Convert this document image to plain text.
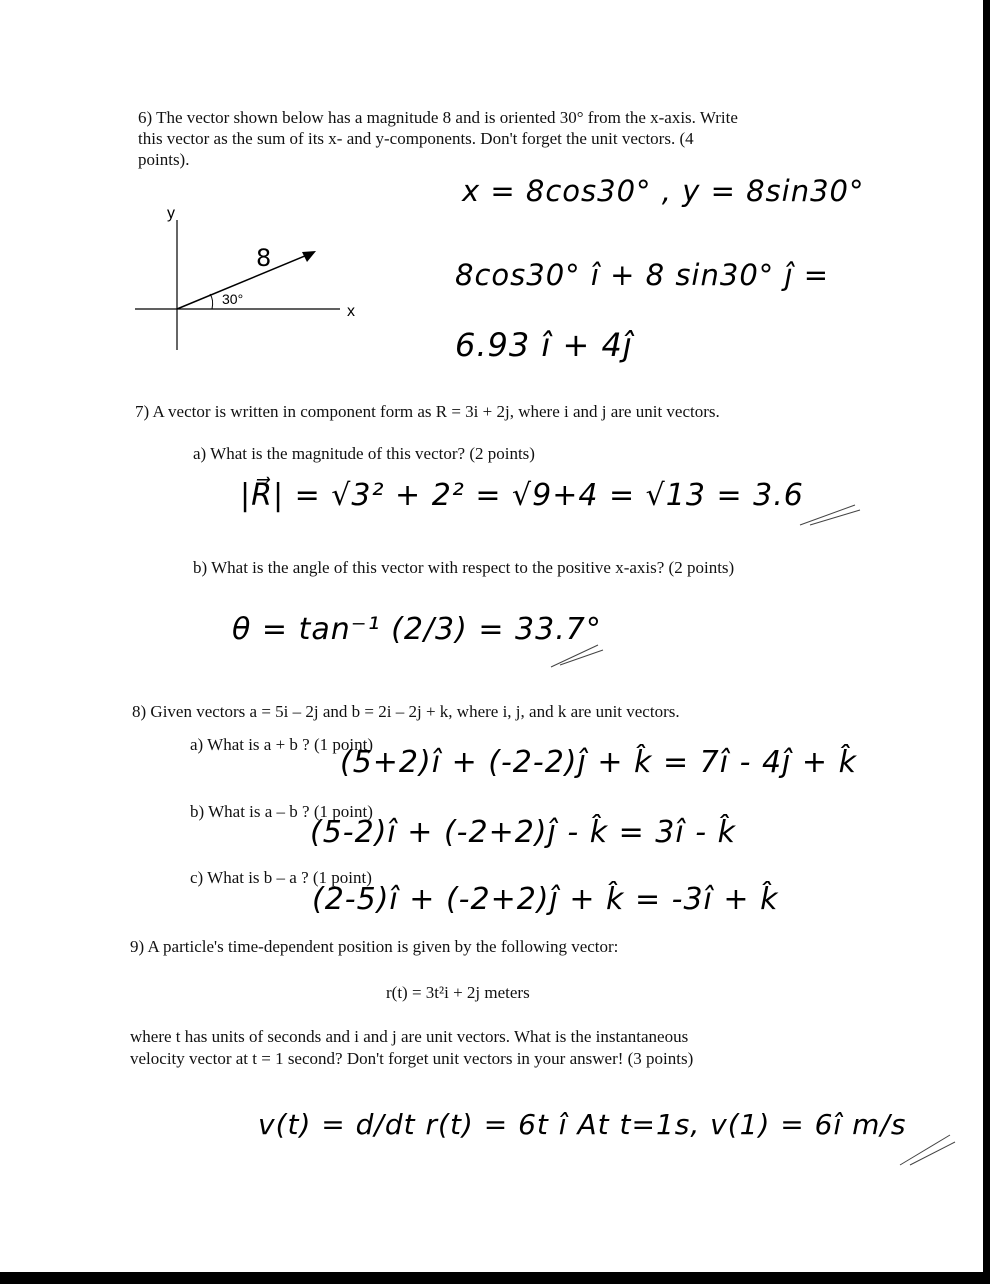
6) The vector shown below has a magnitude 8 and is oriented 30° from the x-axis. Write
this vector as the sum of its x- and y-components. Don't forget the unit vectors. (4
points).
y
x
30°
8
x = 8cos30° , y = 8sin30°
8cos30° î + 8 sin30° ĵ =
6.93 î + 4ĵ
7) A vector is written in component form as R = 3i + 2j, where i and j are unit vectors.
a) What is the magnitude of this vector? (2 points)
|R⃗| = √3² + 2² = √9+4 = √13 = 3.6
b) What is the angle of this vector with respect to the positive x-axis? (2 points)
θ = tan⁻¹ (2/3) = 33.7°
8) Given vectors a = 5i – 2j and b = 2i – 2j + k, where i, j, and k are unit vectors.
a) What is a + b ? (1 point)
(5+2)î + (-2-2)ĵ + k̂ = 7î - 4ĵ + k̂
b) What is a – b ? (1 point)
(5-2)î + (-2+2)ĵ - k̂ = 3î - k̂
c) What is b – a ? (1 point)
(2-5)î + (-2+2)ĵ + k̂ = -3î + k̂
9) A particle's time-dependent position is given by the following vector:
r(t) = 3t²i + 2j meters
where t has units of seconds and i and j are unit vectors. What is the instantaneous
velocity vector at t = 1 second? Don't forget unit vectors in your answer! (3 points)
v(t) = d/dt r(t) = 6t î At t=1s, v(1) = 6î m/s
